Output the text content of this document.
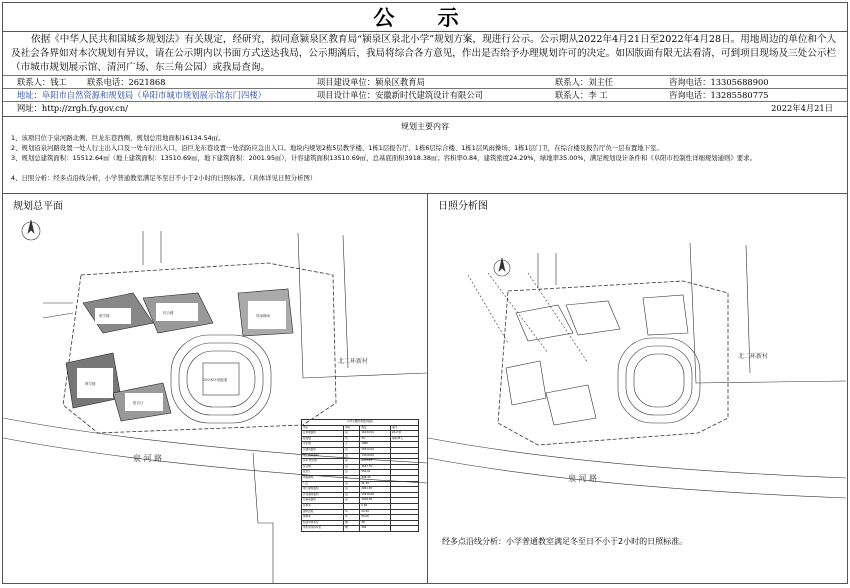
公 示
依据《中华人民共和国城乡规划法》有关规定，经研究，拟同意颍泉区教育局“颍泉区泉北小学”规划方案，现进行公示。公示期从2022年4月21日至2022年4月28日。用地周边的单位和个人及社会各界如对本次规划有异议，请在公示期内以书面方式送达我局，公示期满后，我局将综合各方意见，作出是否给予办理规划许可的决定。如因版面有限无法看清，可到项目现场及三处公示栏（市城市规划展示馆、清河广场、东三角公园）或我局查询。
联系人：钱工 联系电话：2621868	项目建设单位：颍泉区教育局	联系人：刘主任	咨询电话：13305688900
地址：阜阳市自然资源和规划局（阜阳市城市规划展示馆东门四楼）	项目设计单位：安徽新时代建筑设计有限公司	联系人：李 工	咨询电话：13285580775
网址：http://zrgh.fy.gov.cn/	2022年4月21日
规划主要内容
1、该项目位于泉河路北侧、巨龙东巷西侧，规划总用地面积16134.54㎡。
2、规划沿泉河路设置一处人行主出入口及一处车行出入口，沿巨龙东巷设置一处消防应急出入口。地块内规划2栋5层教学楼、1栋1层报告厅、1栋6层综合楼、1栋1层风雨操场、1栋1层门卫，在综合楼及报告厅负一层布置地下室。
3、规划总建筑面积：15512.64㎡（地上建筑面积：13510.69㎡，地下建筑面积：2001.95㎡），计容建筑面积13510.69㎡，总基底面积3918.38㎡；容积率0.84，建筑密度24.29%，绿地率35.00%，满足规划设计条件和《阜阳市控制性详细规划通则》要求。
4、日照分析：经多点沿线分析，小学普通教室满足冬至日不小于2小时的日照标准。（具体详见日照分析图）
规划总平面
教学楼
综合楼
风雨操场
教学楼
报告厅
200米环形跑道
北二环新村
泉 河 路
小学主要技术经济指标			
项目	单位	数量	备注
总用地面积	㎡	16134.54	24.2 亩
班级数	班	24	每班45人
学生数	人	1080	
总建筑面积	㎡	15512.64	
地上建筑面积	㎡	13510.69	
其中 教学楼	㎡	8473.23	
综合楼	㎡	3647.75	
报告厅	㎡	500.02	
风雨操场	㎡	848.40	
门卫	㎡	41.29	
地下建筑面积	㎡	2001.95	
计容建筑面积	㎡	13510.69	
总基底面积	㎡	3918.38	
容积率		0.84	
建筑密度	%	24.29	
绿地率	%	35.00	
机动车停车位	辆	38	
非机动车停车位	辆	300	
日照分析图
北二环新村
泉 河 路
经多点沿线分析：小学普通教室满足冬至日不小于2小时的日照标准。
